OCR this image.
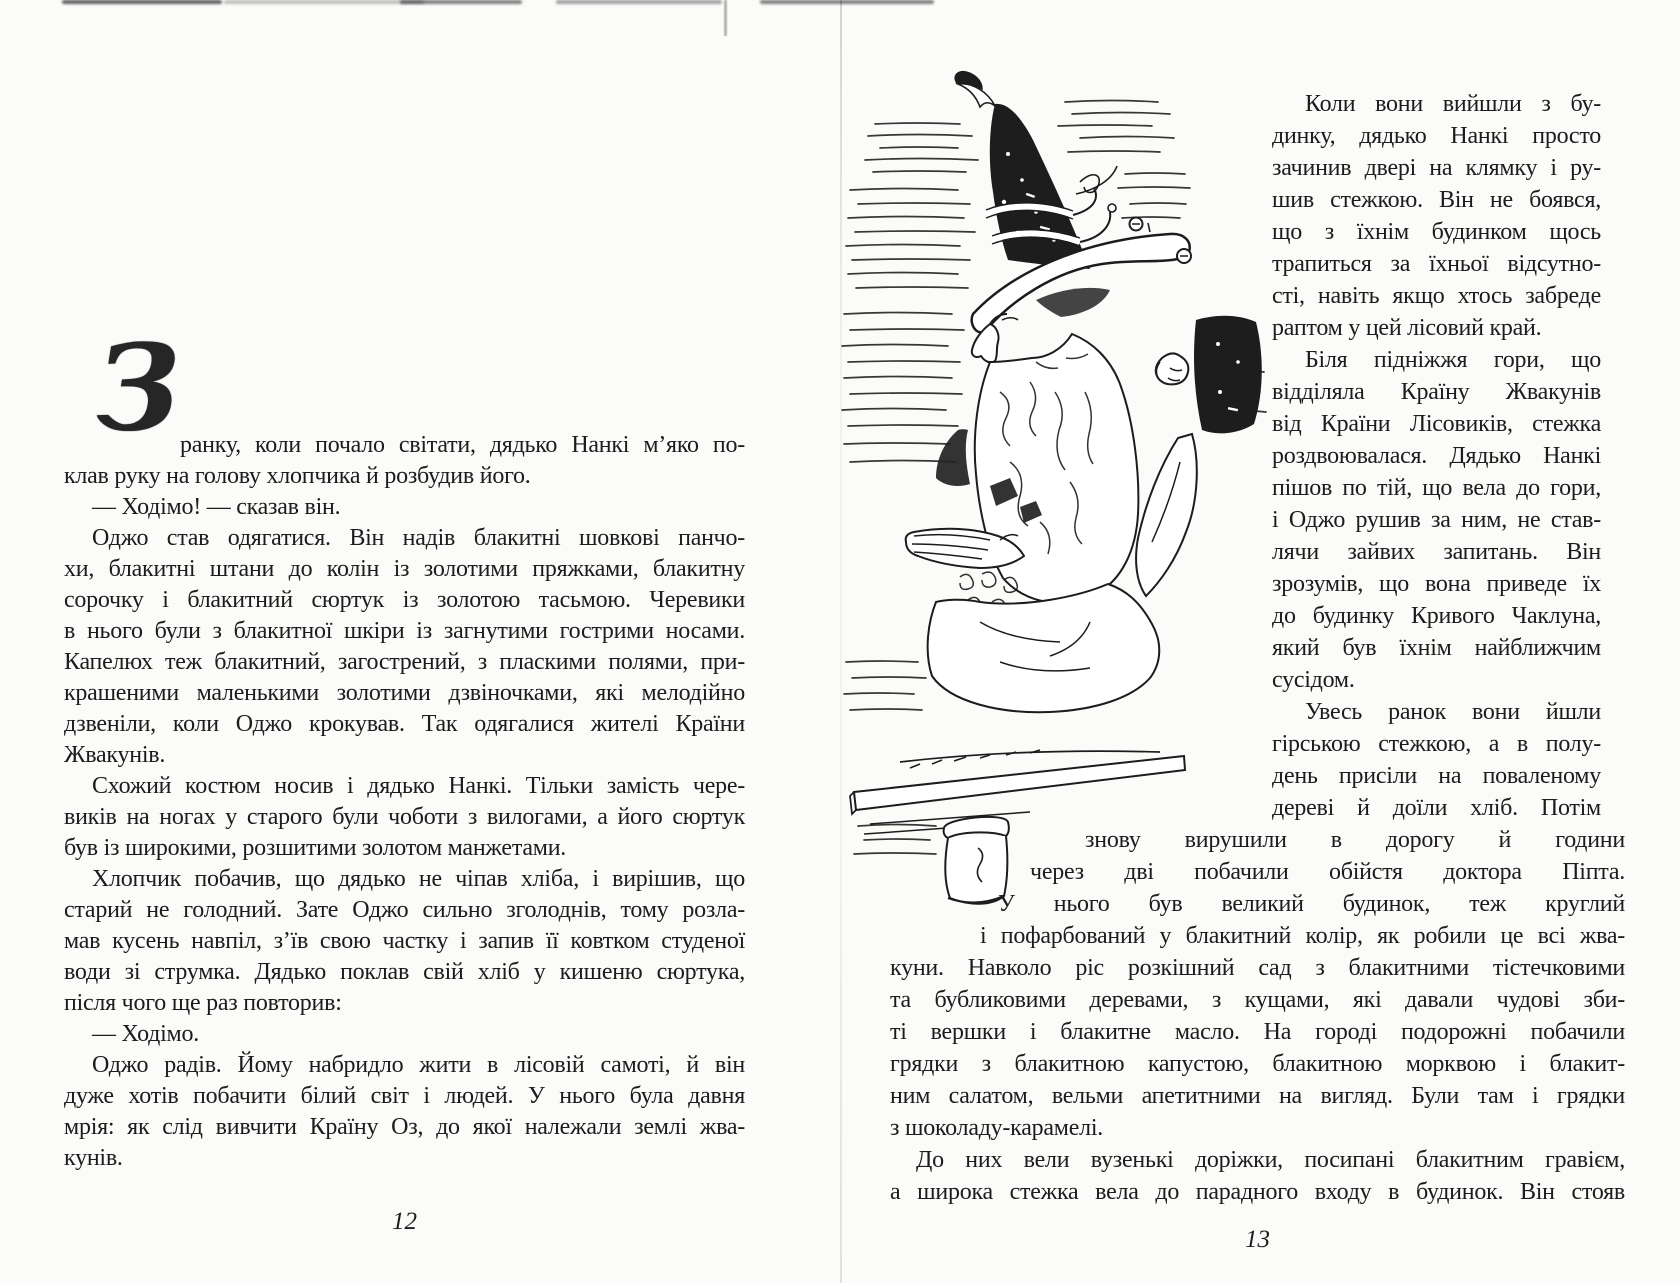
З
ранку, коли почало світати, дядько Нанкі м’яко по-
клав руку на голову хлопчика й розбудив його.
— Ходімо! — сказав він.
Оджо став одягатися. Він надів блакитні шовкові панчо-
хи, блакитні штани до колін із золотими пряжками, блакитну
сорочку і блакитний сюртук із золотою тасьмою. Черевики
в нього були з блакитної шкіри із загнутими гострими носами.
Капелюх теж блакитний, загострений, з пласкими полями, при-
крашеними маленькими золотими дзвіночками, які мелодійно
дзвеніли, коли Оджо крокував. Так одягалися жителі Країни
Жвакунів.
Схожий костюм носив і дядько Нанкі. Тільки замість чере-
виків на ногах у старого були чоботи з вилогами, а його сюртук
був із широкими, розшитими золотом манжетами.
Хлопчик побачив, що дядько не чіпав хліба, і вирішив, що
старий не голодний. Зате Оджо сильно зголоднів, тому розла-
мав кусень навпіл, з’їв свою частку і запив її ковтком студеної
води зі струмка. Дядько поклав свій хліб у кишеню сюртука,
після чого ще раз повторив:
— Ходімо.
Оджо радів. Йому набридло жити в лісовій самоті, й він
дуже хотів побачити білий світ і людей. У нього була давня
мрія: як слід вивчити Країну Оз, до якої належали землі жва-
кунів.
12
Коли вони вийшли з бу-
динку, дядько Нанкі просто
зачинив двері на клямку і ру-
шив стежкою. Він не боявся,
що з їхнім будинком щось
трапиться за їхньої відсутно-
сті, навіть якщо хтось забреде
раптом у цей лісовий край.
Біля підніжжя гори, що
відділяла Країну Жвакунів
від Країни Лісовиків, стежка
роздвоювалася. Дядько Нанкі
пішов по тій, що вела до гори,
і Оджо рушив за ним, не став-
лячи зайвих запитань. Він
зрозумів, що вона приведе їх
до будинку Кривого Чаклуна,
який був їхнім найближчим
сусідом.
Увесь ранок вони йшли
гірською стежкою, а в полу-
день присіли на поваленому
дереві й доїли хліб. Потім
знову вирушили в дорогу й години
через дві побачили обійстя доктора Піпта.
У нього був великий будинок, теж круглий
і пофарбований у блакитний колір, як робили це всі жва-
куни. Навколо ріс розкішний сад з блакитними тістечковими
та бубликовими деревами, з кущами, які давали чудові зби-
ті вершки і блакитне масло. На городі подорожні побачили
грядки з блакитною капустою, блакитною морквою і блакит-
ним салатом, вельми апетитними на вигляд. Були там і грядки
з шоколаду-карамелі.
До них вели вузенькі доріжки, посипані блакитним гравієм,
а широка стежка вела до парадного входу в будинок. Він стояв
13
